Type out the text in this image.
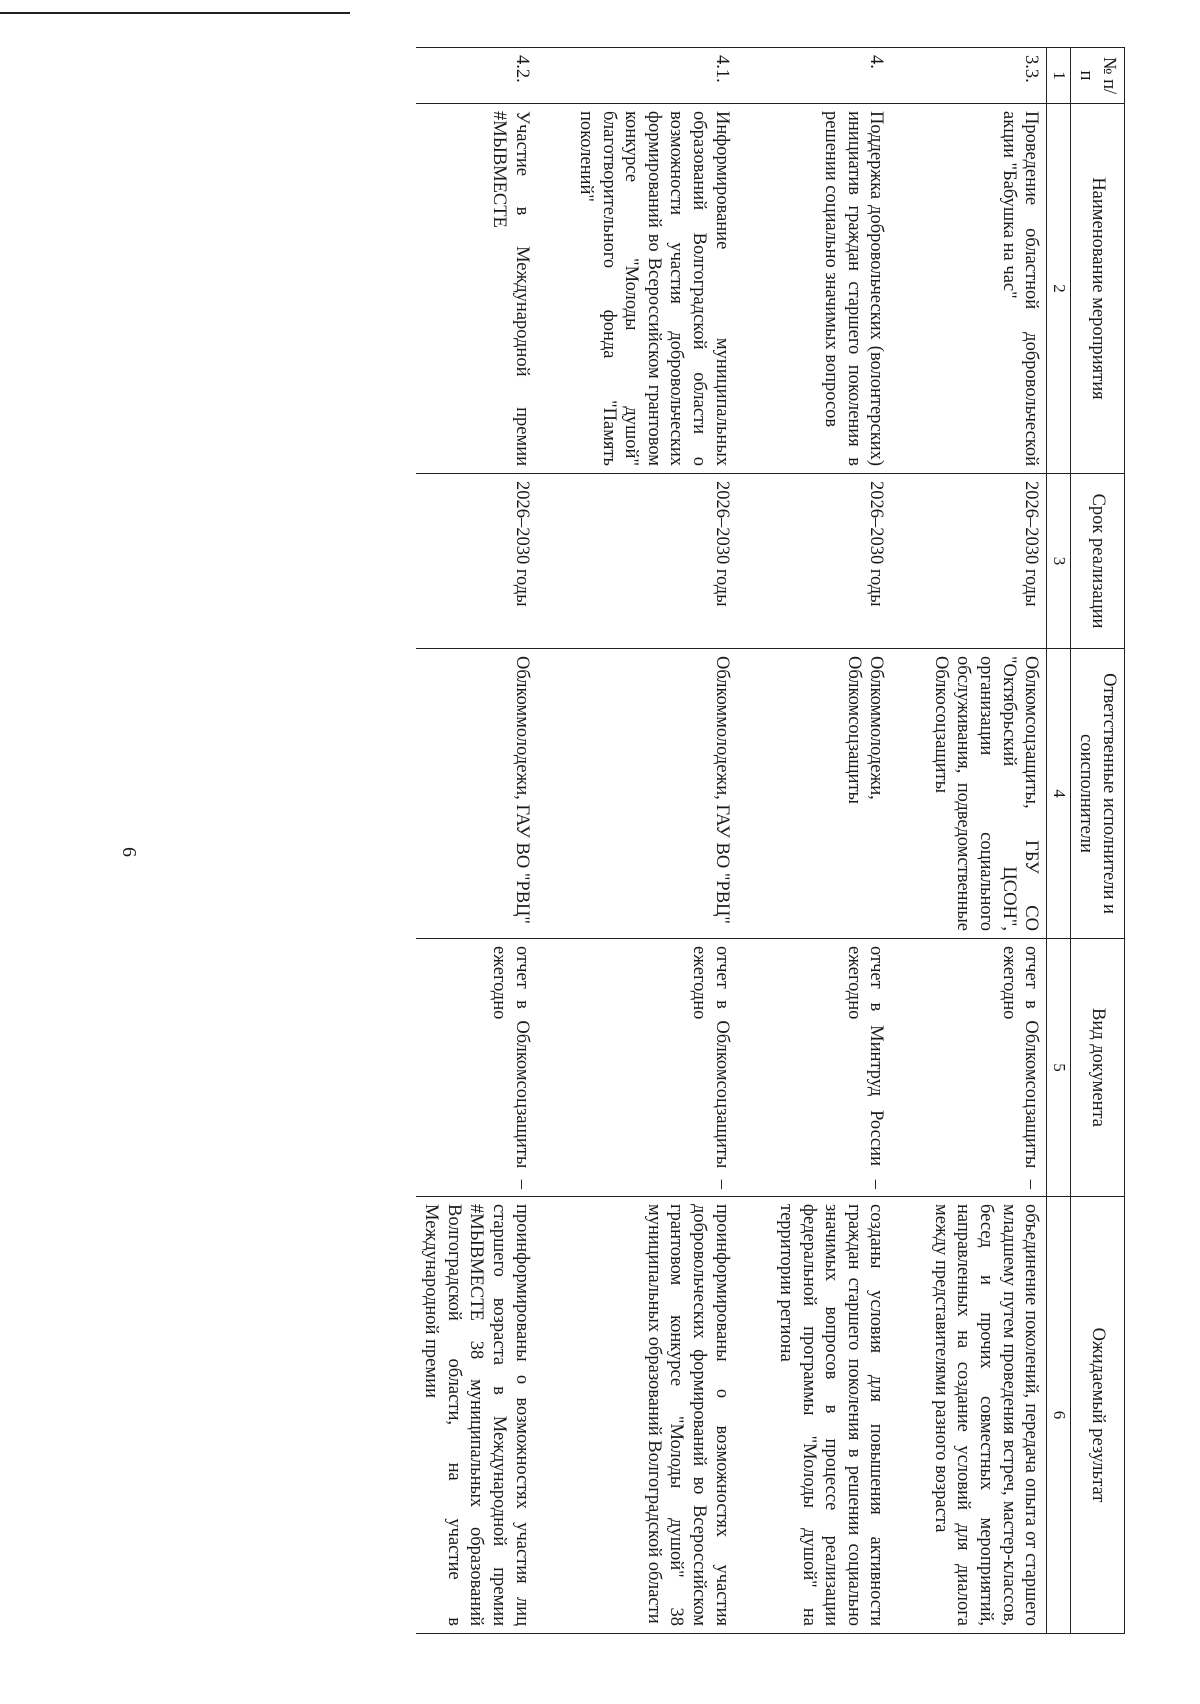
6
№ п/п	Наименование мероприятия	Срок реализации	Ответственные исполнители и соисполнители	Вид документа	Ожидаемый результат
1	2	3	4	5	6
3.3.	Проведение областной добровольческой акции "Бабушка на час"	2026–2030 годы	Облкомсоцзащиты, ГБУ СО "Октябрьский ЦСОН", организации социального обслуживания, подведомственные Облкосоцзащиты	отчет в Облкомсоцзащиты – ежегодно	объединение поколений, передача опыта от старшего младшему путем проведения встреч, мастер-классов, бесед и прочих совместных мероприятий, направленных на создание условий для диалога между представителями разного возраста

4.	Поддержка добровольческих (волонтерских) инициатив граждан старшего поколения в решении социально значимых вопросов	2026–2030 годы	Облкоммолодежи, Облкомсоцзащиты	отчет в Минтруд России – ежегодно	созданы условия для повышения активности граждан старшего поколения в решении социально значимых вопросов в процессе реализации федеральной программы "Молоды душой" на территории региона

4.1.	Информирование муниципальных образований Волгоградской области о возможности участия добровольческих формирований во Всероссийском грантовом конкурсе "Молоды душой" благотворительного фонда "Память поколений"	2026–2030 годы	Облкоммолодежи, ГАУ ВО "РВЦ"	отчет в Облкомсоцзащиты – ежегодно	проинформированы о возможностях участия добровольческих формирований во Всероссийском грантовом конкурсе "Молоды душой" 38 муниципальных образований Волгоградской области

4.2.	Участие в Международной премии #МЫВМЕСТЕ	2026–2030 годы	Облкоммолодежи, ГАУ ВО "РВЦ"	отчет в Облкомсоцзащиты – ежегодно	проинформированы о возможностях участия лиц старшего возраста в Международной премии #МЫВМЕСТЕ 38 муниципальных образований Волгоградской области, на участие в Международной премии
